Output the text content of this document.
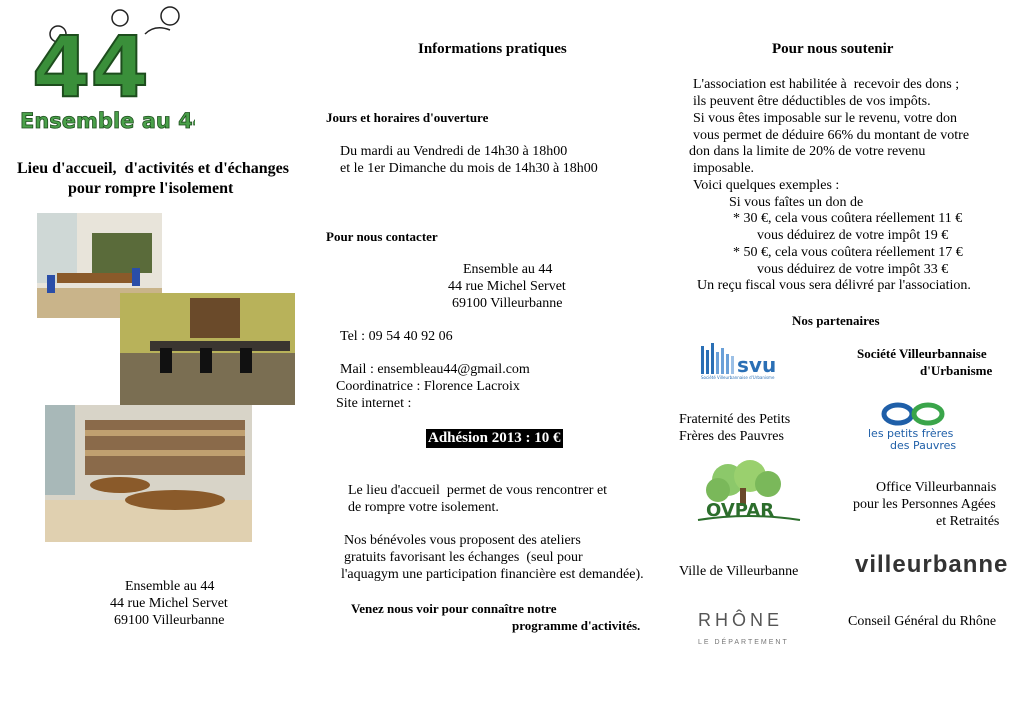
44
Ensemble au 44
Lieu d'accueil,  d'activités et d'échanges
pour rompre l'isolement
Ensemble au 44
44 rue Michel Servet
69100 Villeurbanne
Informations pratiques
Jours et horaires d'ouverture
Du mardi au Vendredi de 14h30 à 18h00
et le 1er Dimanche du mois de 14h30 à 18h00
Pour nous contacter
Ensemble au 44
44 rue Michel Servet
69100 Villeurbanne
Tel : 09 54 40 92 06
Mail : ensembleau44@gmail.com
Coordinatrice : Florence Lacroix
Site internet :
Adhésion 2013 : 10 €
Le lieu d'accueil  permet de vous rencontrer et
de rompre votre isolement.
Nos bénévoles vous proposent des ateliers
gratuits favorisant les échanges  (seul pour
l'aquagym une participation financière est demandée).
Venez nous voir pour connaître notre
programme d'activités.
Pour nous soutenir
L'association est habilitée à  recevoir des dons ;
ils peuvent être déductibles de vos impôts.
Si vous êtes imposable sur le revenu, votre don
vous permet de déduire 66% du montant de votre
don dans la limite de 20% de votre revenu
imposable.
Voici quelques exemples :
Si vous faîtes un don de
* 30 €, cela vous coûtera réellement 11 €
vous déduirez de votre impôt 19 €
* 50 €, cela vous coûtera réellement 17 €
vous déduirez de votre impôt 33 €
Un reçu fiscal vous sera délivré par l'association.
Nos partenaires
svu
Société Villeurbannaise d'Urbanisme
Société Villeurbannaise
d'Urbanisme
Fraternité des Petits
Frères des Pauvres	les petits frères
des Pauvres
OVPAR
Office Villeurbannais
pour les Personnes Agées
et Retraités
Ville de Villeurbanne villeurbanne
RHÔNE
LE DÉPARTEMENT
Conseil Général du Rhône
